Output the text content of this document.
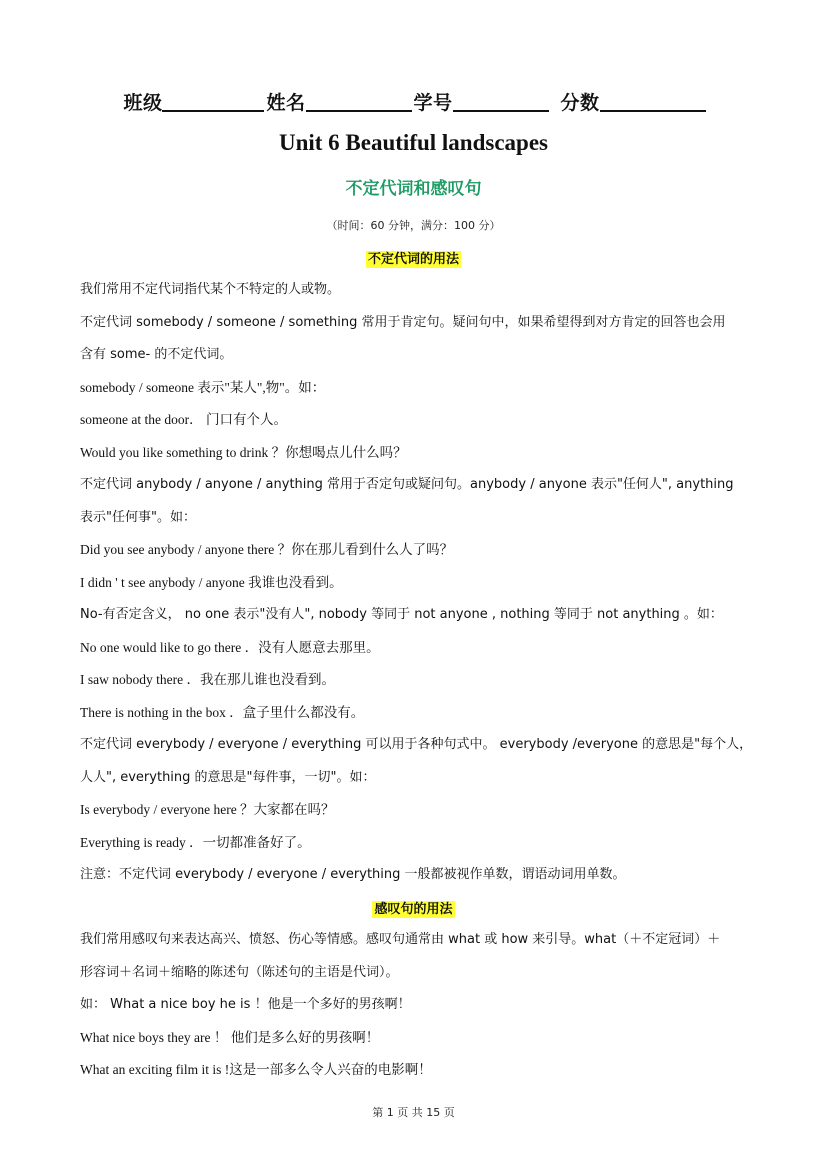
班级	姓名	学号	分数
Unit 6 Beautiful landscapes
不定代词和感叹句
（时间：60 分钟，满分：100 分）
不定代词的用法

我们常用不定代词指代某个不特定的人或物。

不定代词 somebody / someone / something 常用于肯定句。疑问句中，如果希望得到对方肯定的回答也会用

含有 some- 的不定代词。

somebody / someone 表示"某人",物"。如：

someone at the door． 门口有个人。

Would you like something to drink ？你想喝点儿什么吗？

不定代词 anybody / anyone / anything 常用于否定句或疑问句。anybody / anyone 表示"任何人", anything

表示"任何事"。如：

Did you see anybody / anyone there ？你在那儿看到什么人了吗？

I didn ' t see anybody / anyone 我谁也没看到。

No-有否定含义， no one 表示"没有人", nobody 等同于 not anyone , nothing 等同于 not anything 。如：

No one would like to go there ．没有人愿意去那里。

I saw nobody there ．我在那儿谁也没看到。

There is nothing in the box ．盒子里什么都没有。

不定代词 everybody / everyone / everything 可以用于各种句式中。 everybody /everyone 的意思是"每个人，

人人", everything 的意思是"每件事，一切"。如：

Is everybody / everyone here ？大家都在吗？

Everything is ready ．一切都准备好了。

注意：不定代词 everybody / everyone / everything 一般都被视作单数，谓语动词用单数。

感叹句的用法

我们常用感叹句来表达高兴、愤怒、伤心等情感。感叹句通常由 what 或 how 来引导。what（＋不定冠词）＋

形容词＋名词＋缩略的陈述句（陈述句的主语是代词）。

如： What a nice boy he is ！他是一个多好的男孩啊！

What nice boys they are ！ 他们是多么好的男孩啊！

What an exciting film it is !这是一部多么令人兴奋的电影啊！

第 1 页 共 15 页
